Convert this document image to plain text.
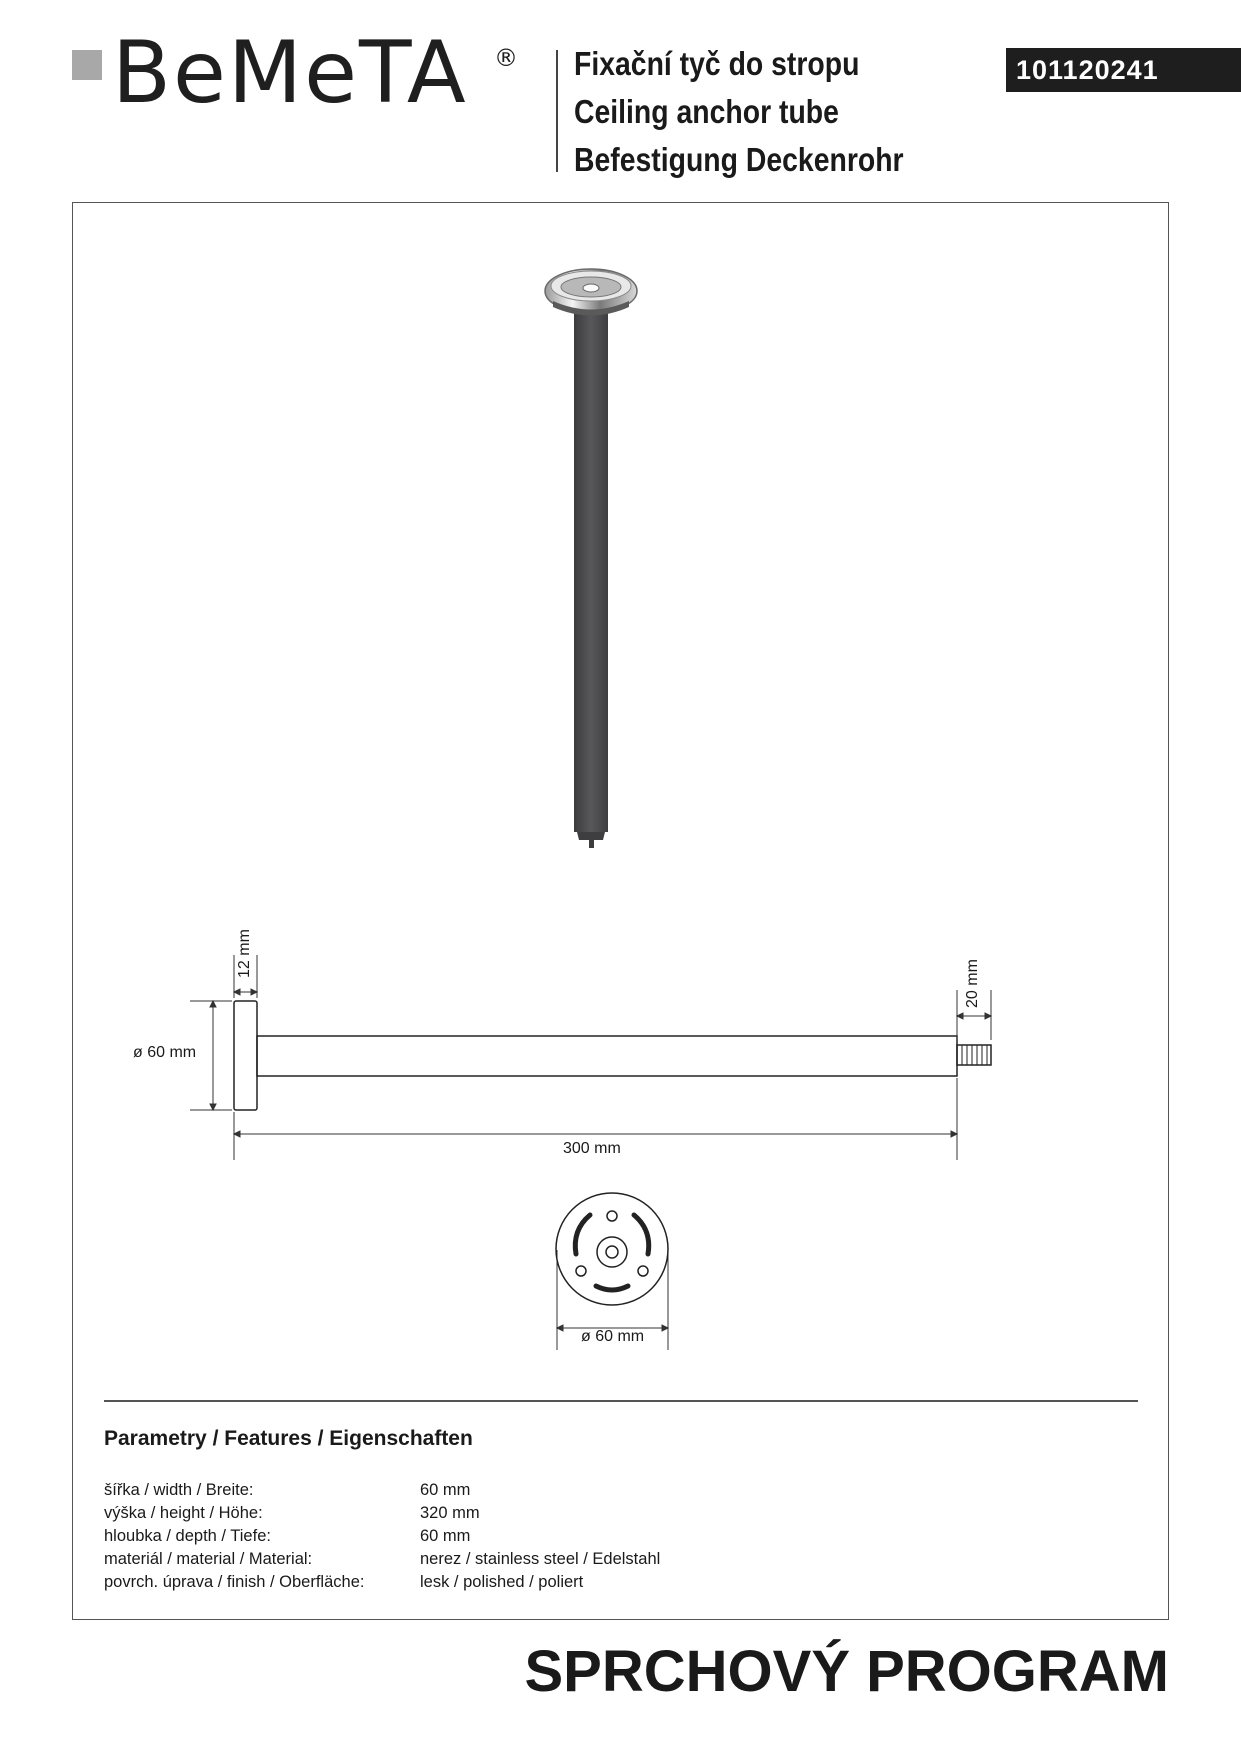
BeMeTA ® Fixační tyč do stropu
Ceiling anchor tube
Befestigung Deckenrohr
101120241
12 mm
20 mm
ø 60 mm
300 mm
ø 60 mm
Parametry / Features / Eigenschaften
šířka / width / Breite:	60 mm
výška / height / Höhe:	320 mm
hloubka / depth / Tiefe:	60 mm
materiál / material / Material:	nerez / stainless steel / Edelstahl
povrch. úprava / finish / Oberfläche:	lesk / polished / poliert
SPRCHOVÝ PROGRAM
